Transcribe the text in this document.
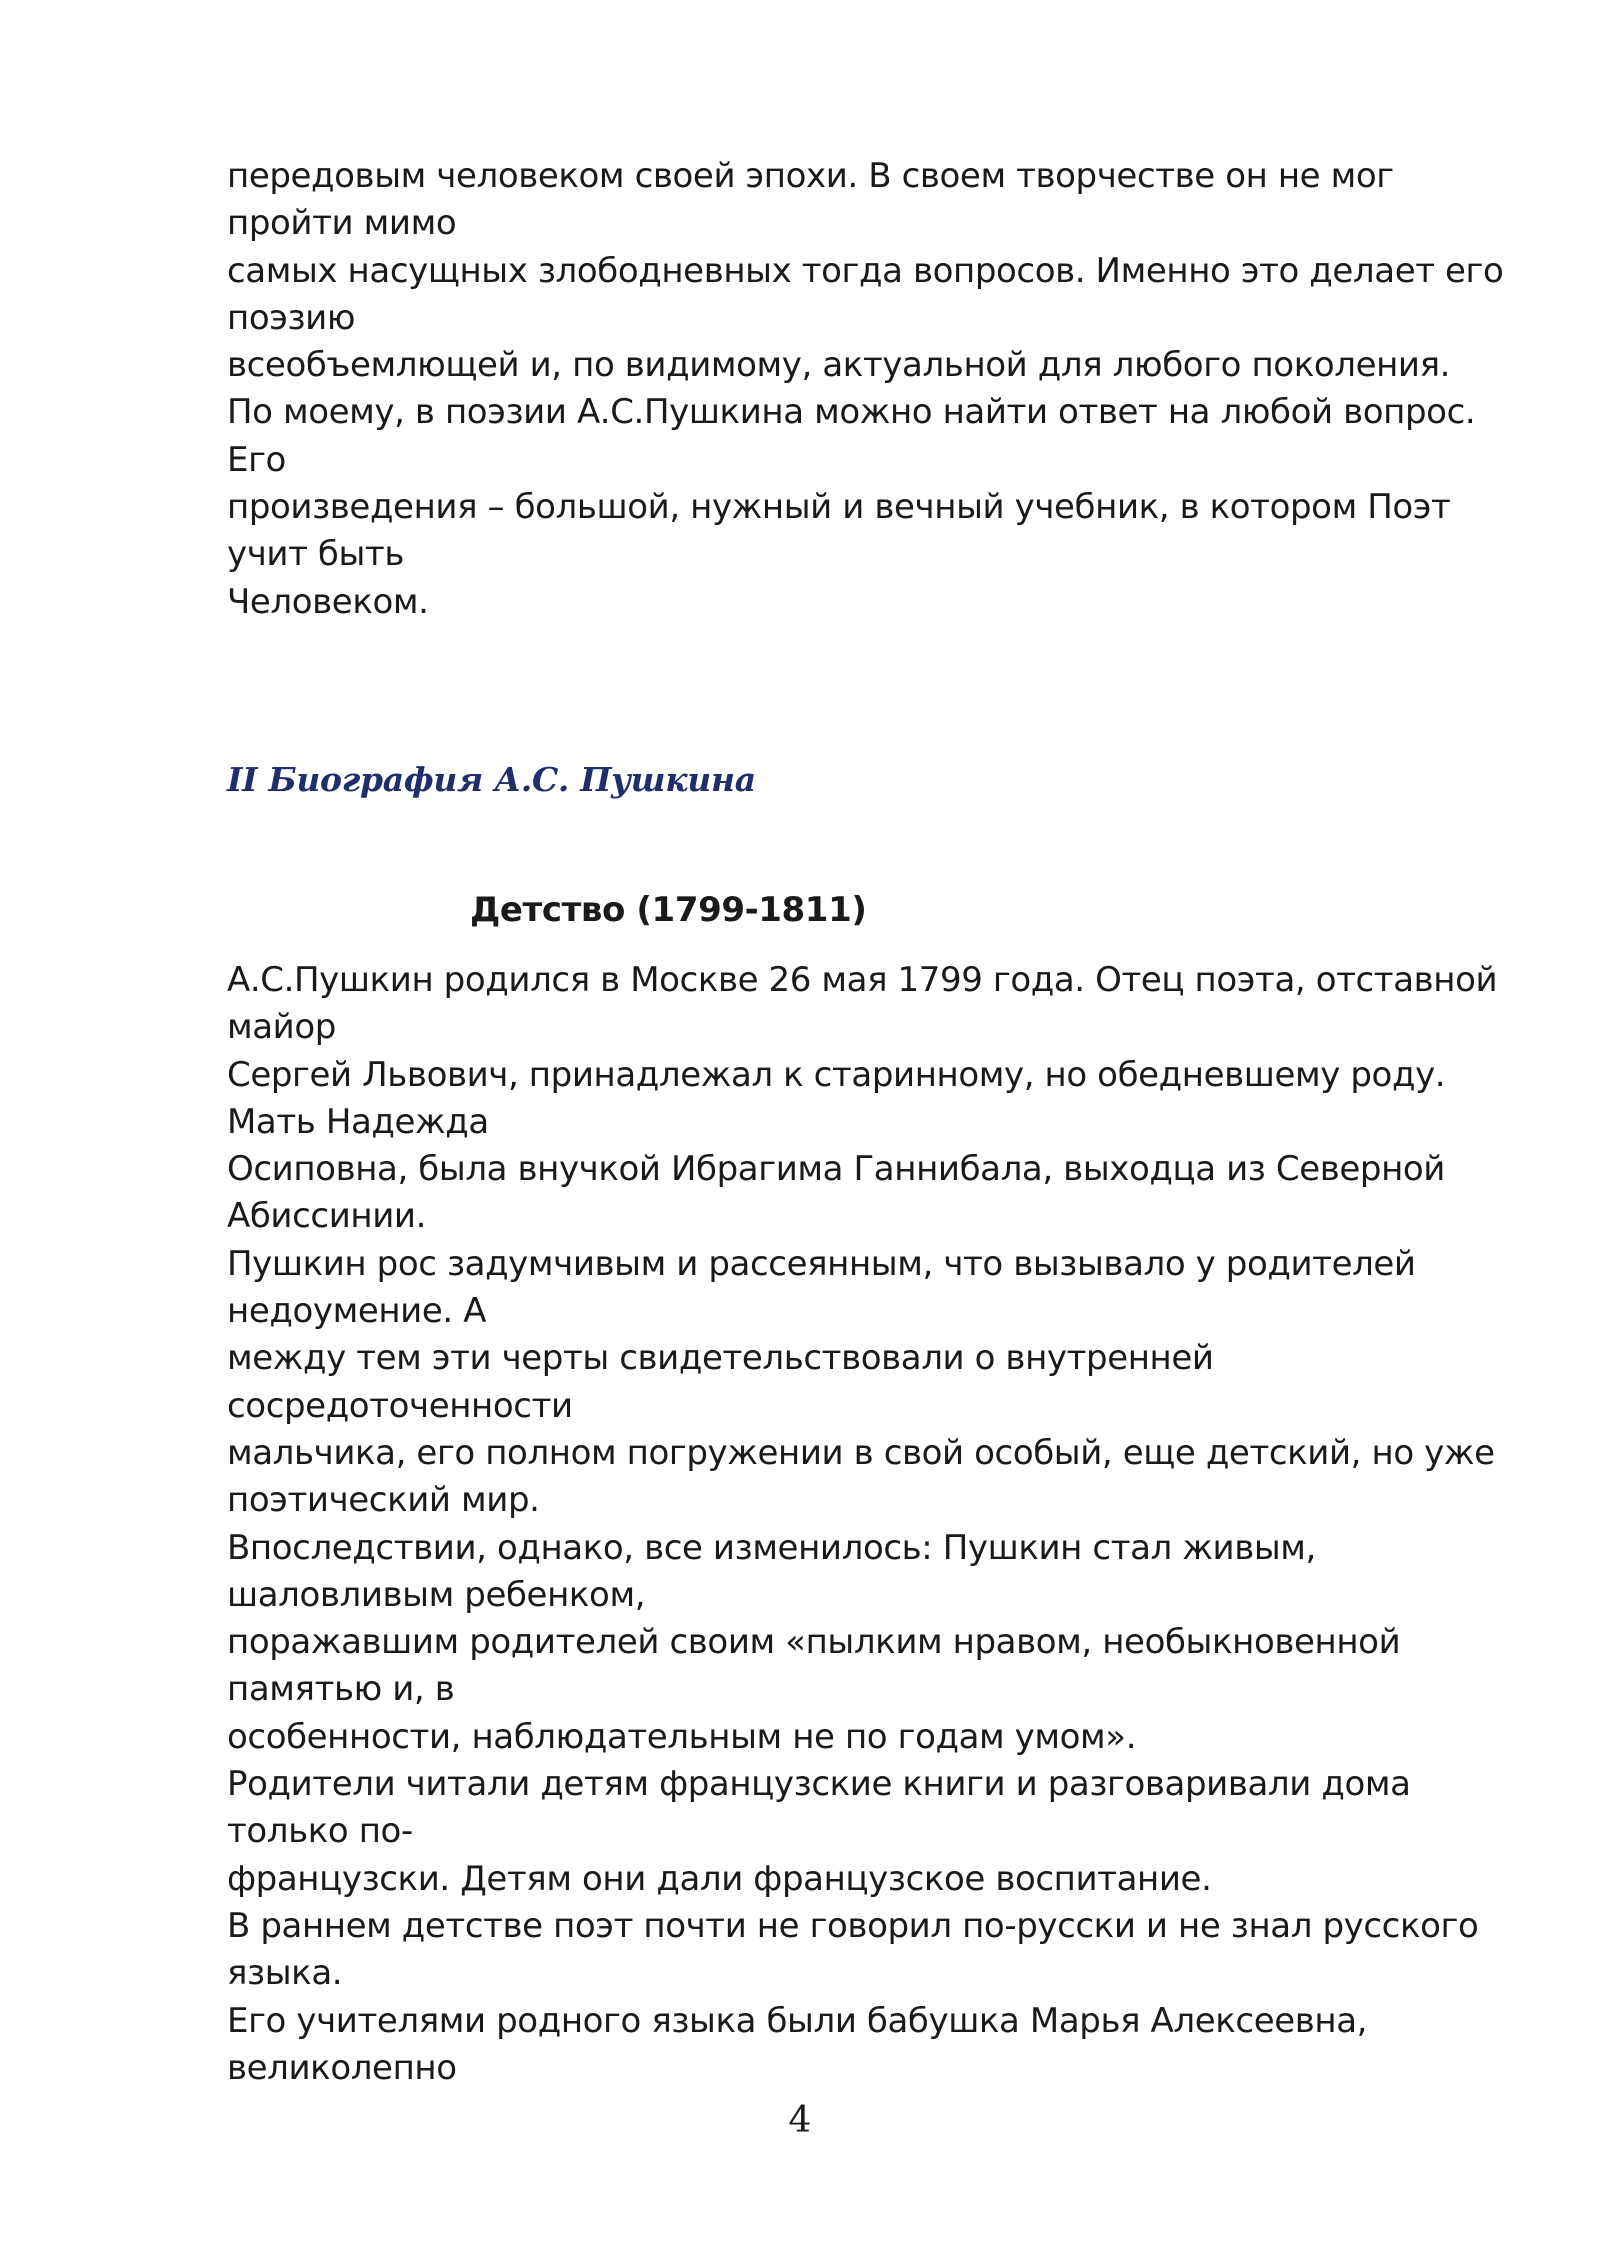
передовым человеком своей эпохи. В своем творчестве он не мог
пройти мимо
самых насущных злободневных тогда вопросов. Именно это делает его
поэзию
всеобъемлющей и, по видимому, актуальной для любого поколения.
По моему, в поэзии А.С.Пушкина можно найти ответ на любой вопрос.
Его
произведения – большой, нужный и вечный учебник, в котором Поэт
учит быть
Человеком.
II Биография А.С. Пушкина
Детство (1799-1811)
А.С.Пушкин родился в Москве 26 мая 1799 года. Отец поэта, отставной
майор
Сергей Львович, принадлежал к старинному, но обедневшему роду.
Мать Надежда
Осиповна, была внучкой Ибрагима Ганнибала, выходца из Северной
Абиссинии.
Пушкин рос задумчивым и рассеянным, что вызывало у родителей
недоумение. А
между тем эти черты свидетельствовали о внутренней
сосредоточенности
мальчика, его полном погружении в свой особый, еще детский, но уже
поэтический мир.
Впоследствии, однако, все изменилось: Пушкин стал живым,
шаловливым ребенком,
поражавшим родителей своим «пылким нравом, необыкновенной
памятью и, в
особенности, наблюдательным не по годам умом».
Родители читали детям французские книги и разговаривали дома
только по-
французски. Детям они дали французское воспитание.
В раннем детстве поэт почти не говорил по-русски и не знал русского
языка.
Его учителями родного языка были бабушка Марья Алексеевна,
великолепно
4
